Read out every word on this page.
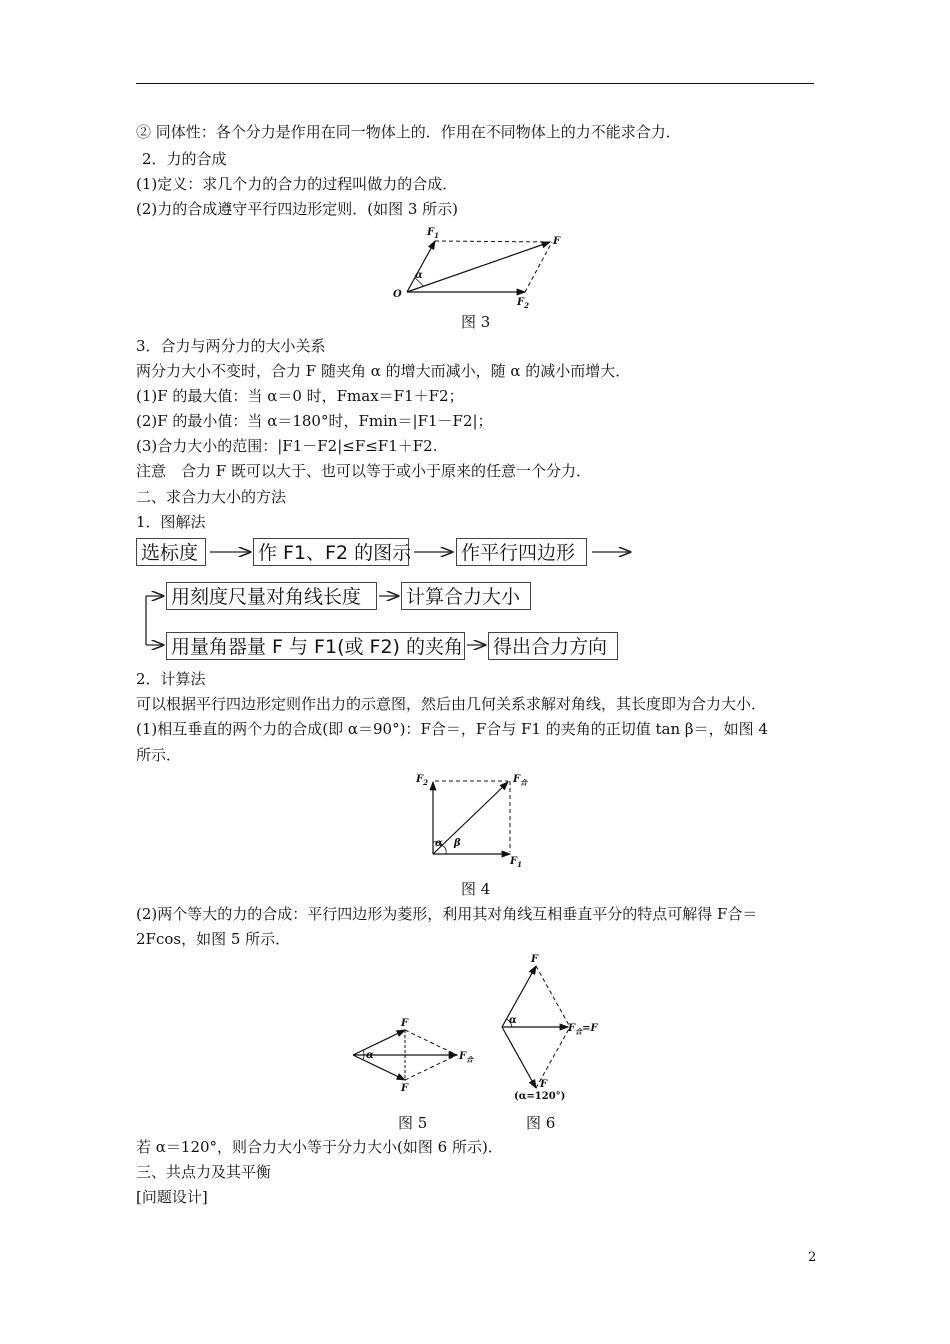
② 同体性：各个分力是作用在同一物体上的．作用在不同物体上的力不能求合力．
2．力的合成
(1)定义：求几个力的合力的过程叫做力的合成．
(2)力的合成遵守平行四边形定则．(如图 3 所示)
$F_1$
F
$F_2$
α
O
图 3
3．合力与两分力的大小关系
两分力大小不变时，合力 F 随夹角 α 的增大而减小，随 α 的减小而增大．
(1)F 的最大值：当 α＝0 时，Fmax＝F1＋F2；
(2)F 的最小值：当 α＝180°时，Fmin＝|F1－F2|；
(3)合力大小的范围：|F1－F2|≤F≤F1＋F2.
注意　合力 F 既可以大于、也可以等于或小于原来的任意一个分力．
二、求合力大小的方法
1．图解法
选标度	作 F1、F2 的图示	作平行四边形
用刻度尺量对角线长度	计算合力大小
用量角器量 F 与 F1(或 F2) 的夹角 得出合力方向
2．计算法
可以根据平行四边形定则作出力的示意图，然后由几何关系求解对角线，其长度即为合力大小．
(1)相互垂直的两个力的合成(即 α＝90°)：F合＝，F合与 F1 的夹角的正切值 tan β＝，如图 4
所示．
$F_2$	$F_合$
$F_1$
α β
图 4
(2)两个等大的力的合成：平行四边形为菱形，利用其对角线互相垂直平分的特点可解得 F合＝
2Fcos，如图 5 所示．
F
F
$F_合$
α
图 5
F
F
$F_合=F$
α
(α=120°)
图 6
若 α＝120°，则合力大小等于分力大小(如图 6 所示)．
三、共点力及其平衡
[问题设计]
2
